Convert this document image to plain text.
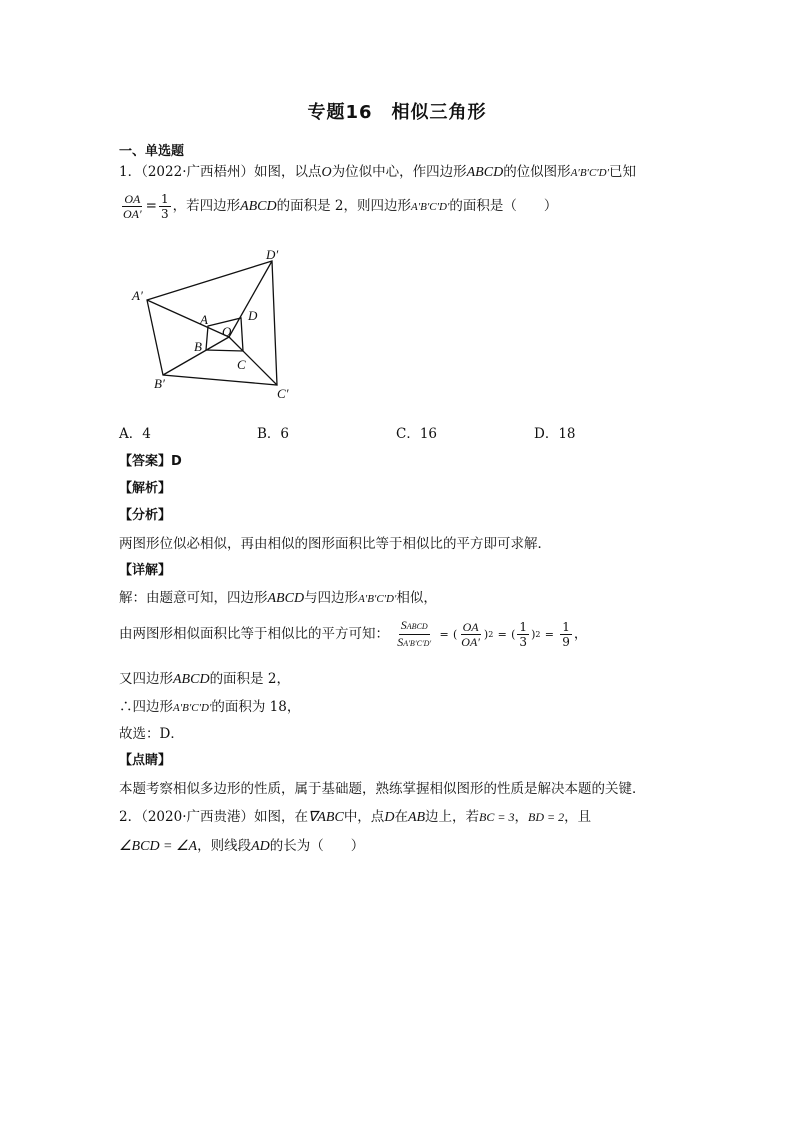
专题16　相似三角形
一、单选题
1．（2022·广西梧州）如图，以点O为位似中心，作四边形ABCD的位似图形A′B′C′D′已知
$\frac{OA}{OA'} = \frac{1}{3}$ ，若四边形ABCD的面积是 2，则四边形A′B′C′D′的面积是（　　）
A′
D′
B′
C′
A	D
O
B
C
A．4	B．6	C．16	D．18
【答案】D
【解析】
【分析】
两图形位似必相似，再由相似的图形面积比等于相似比的平方即可求解．
【详解】
解：由题意可知，四边形ABCD与四边形A′B′C′D′相似，
由两图形相似面积比等于相似比的平方可知： $\frac{\text{SABCD}}{SA'B'C'D'}$ = ( $\frac{OA}{OA'}$ ) 2 = ( $\frac{1}{3}$ ) $2 = \frac{1}{9}$ ，
又四边形ABCD的面积是 2，
∴四边形A′B′C′D′的面积为 18，
故选：D．
【点睛】
本题考察相似多边形的性质，属于基础题，熟练掌握相似图形的性质是解决本题的关键．
2．（2020·广西贵港）如图，在∇ABC中，点D在AB边上，若BC = 3，BD = 2，且
∠BCD = ∠A，则线段AD的长为（　　）
